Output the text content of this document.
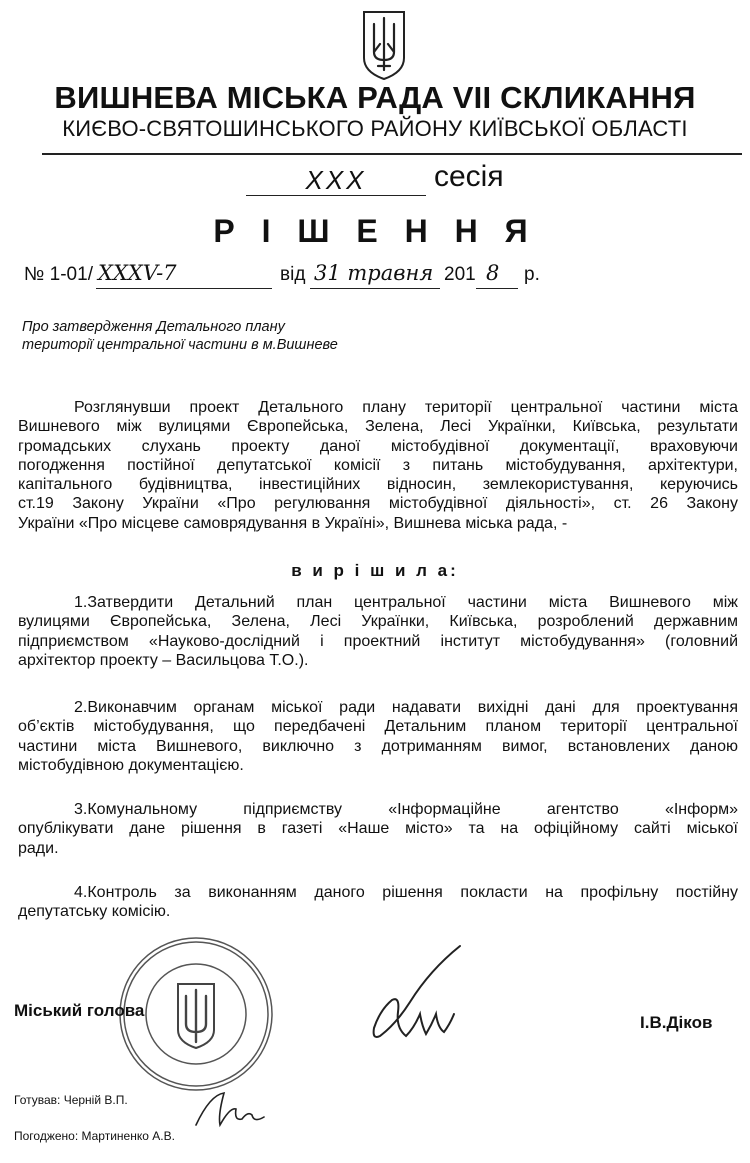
ВИШНЕВА МІСЬКА РАДА VІІ СКЛИКАННЯ
КИЄВО-СВЯТОШИНСЬКОГО РАЙОНУ КИЇВСЬКОЇ ОБЛАСТІ
XXX	сесія
Р І Ш Е Н Н Я
№ 1-01/ XXXV-7	від 31 травня 201 8 р.
Про затвердження Детального плану
території центральної частини в м.Вишневе
Розглянувши проект Детального плану території центральної частини міста
Вишневого між вулицями Європейська, Зелена, Лесі Українки, Київська, результати
громадських слухань проекту даної містобудівної документації, враховуючи
погодження постійної депутатської комісії з питань містобудування, архітектури,
капітального будівництва, інвестиційних відносин, землекористування, керуючись
ст.19 Закону України «Про регулювання містобудівної діяльності», ст. 26 Закону
України «Про місцеве самоврядування в Україні», Вишнева міська рада, -
в и р і ш и л а:
1.Затвердити Детальний план центральної частини міста Вишневого між
вулицями Європейська, Зелена, Лесі Українки, Київська, розроблений державним
підприємством «Науково-дослідний і проектний інститут містобудування» (головний
архітектор проекту – Васильцова Т.О.).
2.Виконавчим органам міської ради надавати вихідні дані для проектування
об’єктів містобудування, що передбачені Детальним планом території центральної
частини міста Вишневого, виключно з дотриманням вимог, встановлених даною
містобудівною документацією.
3.Комунальному підприємству «Інформаційне агентство «Інформ»
опублікувати дане рішення в газеті «Наше місто» та на офіційному сайті міської
ради.
4.Контроль за виконанням даного рішення покласти на профільну постійну
депутатську комісію.
Міський голова
І.В.Діков
Готував: Черній В.П.
Погоджено: Мартиненко А.В.
